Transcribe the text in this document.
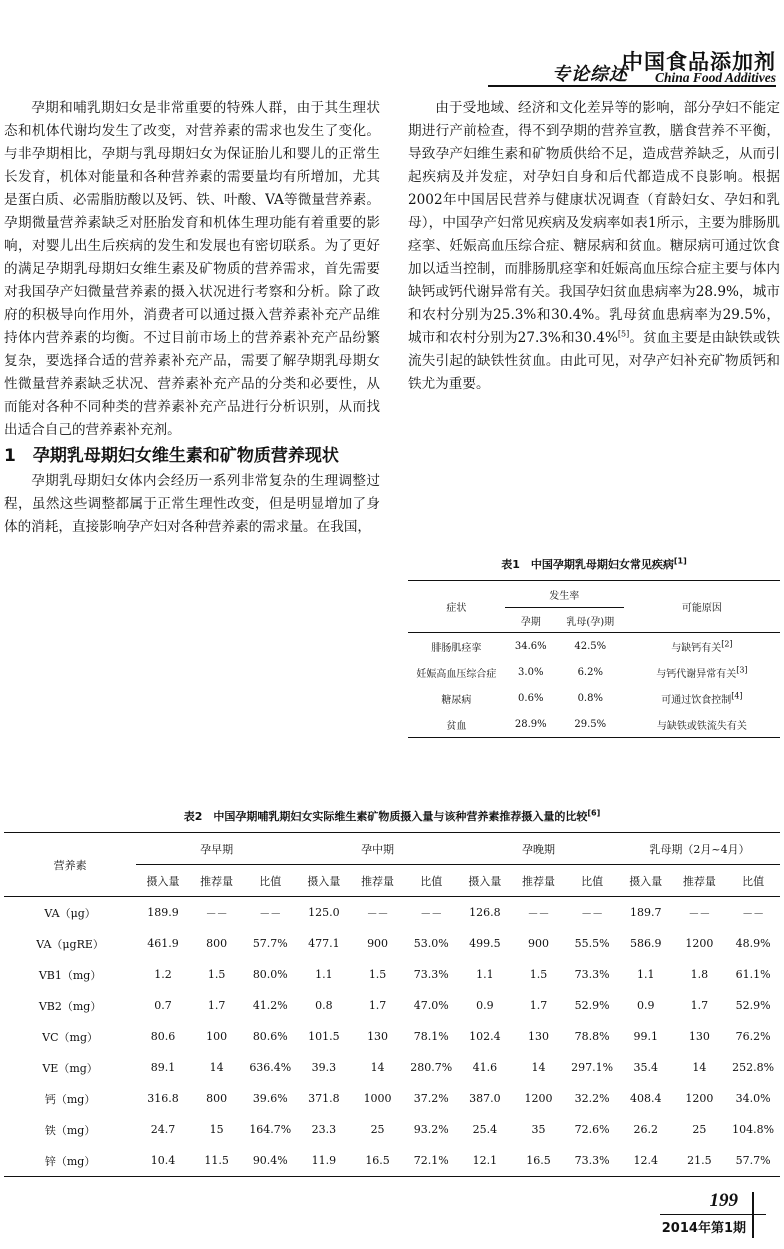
专论综述
中国食品添加剂
China Food Additives

孕期和哺乳期妇女是非常重要的特殊人群，由于其生理状态和机体代谢均发生了改变，对营养素的需求也发生了变化。与非孕期相比，孕期与乳母期妇女为保证胎儿和婴儿的正常生长发育，机体对能量和各种营养素的需要量均有所增加，尤其是蛋白质、必需脂肪酸以及钙、铁、叶酸、VA等微量营养素。孕期微量营养素缺乏对胚胎发育和机体生理功能有着重要的影响，对婴儿出生后疾病的发生和发展也有密切联系。为了更好的满足孕期乳母期妇女维生素及矿物质的营养需求，首先需要对我国孕产妇微量营养素的摄入状况进行考察和分析。除了政府的积极导向作用外，消费者可以通过摄入营养素补充产品维持体内营养素的均衡。不过目前市场上的营养素补充产品纷繁复杂，要选择合适的营养素补充产品，需要了解孕期乳母期女性微量营养素缺乏状况、营养素补充产品的分类和必要性，从而能对各种不同种类的营养素补充产品进行分析识别，从而找出适合自己的营养素补充剂。

1　孕期乳母期妇女维生素和矿物质营养现状

孕期乳母期妇女体内会经历一系列非常复杂的生理调整过程，虽然这些调整都属于正常生理性改变，但是明显增加了身体的消耗，直接影响孕产妇对各种营养素的需求量。在我国，

由于受地域、经济和文化差异等的影响，部分孕妇不能定期进行产前检查，得不到孕期的营养宣教，膳食营养不平衡，导致孕产妇维生素和矿物质供给不足，造成营养缺乏，从而引起疾病及并发症，对孕妇自身和后代都造成不良影响。根据2002年中国居民营养与健康状况调查（育龄妇女、孕妇和乳母），中国孕产妇常见疾病及发病率如表1所示，主要为腓肠肌痉挛、妊娠高血压综合症、糖尿病和贫血。糖尿病可通过饮食加以适当控制，而腓肠肌痉挛和妊娠高血压综合症主要与体内缺钙或钙代谢异常有关。我国孕妇贫血患病率为28.9%，城市和农村分别为25.3%和30.4%。乳母贫血患病率为29.5%，城市和农村分别为27.3%和30.4%[5]。贫血主要是由缺铁或铁流失引起的缺铁性贫血。由此可见，对孕产妇补充矿物质钙和铁尤为重要。

表1　中国孕期乳母期妇女常见疾病[1]
症状	发生率		可能原因
	孕期	乳母(孕)期	
腓肠肌痉挛	34.6%	42.5%	与缺钙有关[2]
妊娠高血压综合症	3.0%	6.2%	与钙代谢异常有关[3]
糖尿病	0.6%	0.8%	可通过饮食控制[4]
贫血	28.9%	29.5%	与缺铁或铁流失有关
表2　中国孕期哺乳期妇女实际维生素矿物质摄入量与该种营养素推荐摄入量的比较[6]
营养素	孕早期			孕中期			孕晚期			乳母期（2月~4月）		
	摄入量	推荐量	比值	摄入量	推荐量	比值	摄入量	推荐量	比值	摄入量	推荐量	比值
VA（μg）	189.9	－－	－－	125.0	－－	－－	126.8	－－	－－	189.7	－－	－－
VA（μgRE）	461.9	800	57.7%	477.1	900	53.0%	499.5	900	55.5%	586.9	1200	48.9%
VB1（mg）	1.2	1.5	80.0%	1.1	1.5	73.3%	1.1	1.5	73.3%	1.1	1.8	61.1%
VB2（mg）	0.7	1.7	41.2%	0.8	1.7	47.0%	0.9	1.7	52.9%	0.9	1.7	52.9%
VC（mg）	80.6	100	80.6%	101.5	130	78.1%	102.4	130	78.8%	99.1	130	76.2%
VE（mg）	89.1	14	636.4%	39.3	14	280.7%	41.6	14	297.1%	35.4	14	252.8%
钙（mg）	316.8	800	39.6%	371.8	1000	37.2%	387.0	1200	32.2%	408.4	1200	34.0%
铁（mg）	24.7	15	164.7%	23.3	25	93.2%	25.4	35	72.6%	26.2	25	104.8%
锌（mg）	10.4	11.5	90.4%	11.9	16.5	72.1%	12.1	16.5	73.3%	12.4	21.5	57.7%
199
2014年第1期
